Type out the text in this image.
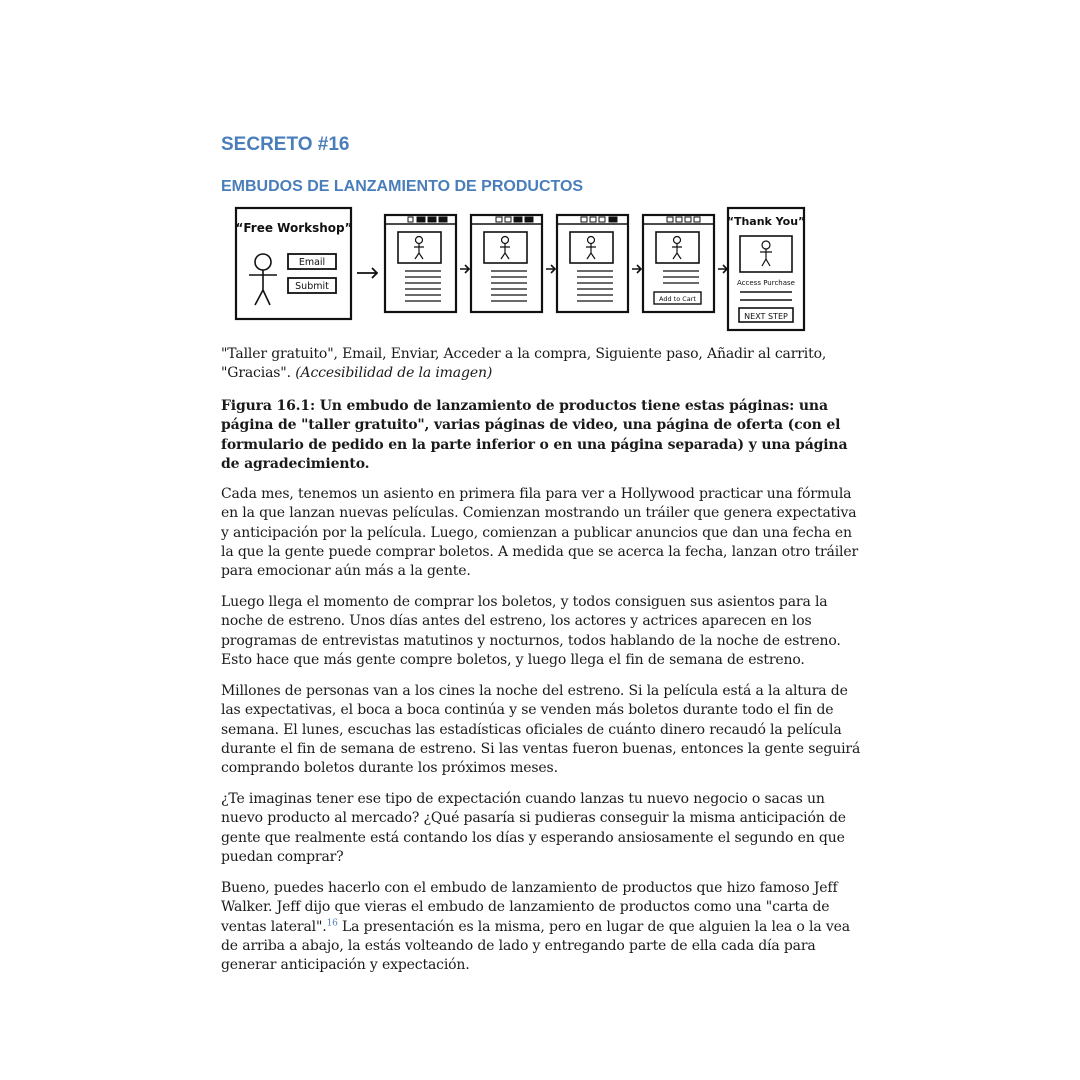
SECRETO #16
EMBUDOS DE LANZAMIENTO DE PRODUCTOS
“Free Workshop”
Email
Submit
Add to Cart
“Thank You”
Access Purchase
NEXT STEP

"Taller gratuito", Email, Enviar, Acceder a la compra, Siguiente paso, Añadir al carrito, "Gracias". (Accesibilidad de la imagen)

Figura 16.1: Un embudo de lanzamiento de productos tiene estas páginas: una página de "taller gratuito", varias páginas de video, una página de oferta (con el formulario de pedido en la parte inferior o en una página separada) y una página de agradecimiento.

Cada mes, tenemos un asiento en primera fila para ver a Hollywood practicar una fórmula en la que lanzan nuevas películas. Comienzan mostrando un tráiler que genera expectativa y anticipación por la película. Luego, comienzan a publicar anuncios que dan una fecha en la que la gente puede comprar boletos. A medida que se acerca la fecha, lanzan otro tráiler para emocionar aún más a la gente.

Luego llega el momento de comprar los boletos, y todos consiguen sus asientos para la noche de estreno. Unos días antes del estreno, los actores y actrices aparecen en los programas de entrevistas matutinos y nocturnos, todos hablando de la noche de estreno. Esto hace que más gente compre boletos, y luego llega el fin de semana de estreno.

Millones de personas van a los cines la noche del estreno. Si la película está a la altura de las expectativas, el boca a boca continúa y se venden más boletos durante todo el fin de semana. El lunes, escuchas las estadísticas oficiales de cuánto dinero recaudó la película durante el fin de semana de estreno. Si las ventas fueron buenas, entonces la gente seguirá comprando boletos durante los próximos meses.

¿Te imaginas tener ese tipo de expectación cuando lanzas tu nuevo negocio o sacas un nuevo producto al mercado? ¿Qué pasaría si pudieras conseguir la misma anticipación de gente que realmente está contando los días y esperando ansiosamente el segundo en que puedan comprar?

Bueno, puedes hacerlo con el embudo de lanzamiento de productos que hizo famoso Jeff Walker. Jeff dijo que vieras el embudo de lanzamiento de productos como una "carta de ventas lateral".$^{16}$ La presentación es la misma, pero en lugar de que alguien la lea o la vea de arriba a abajo, la estás volteando de lado y entregando parte de ella cada día para generar anticipación y expectación.
